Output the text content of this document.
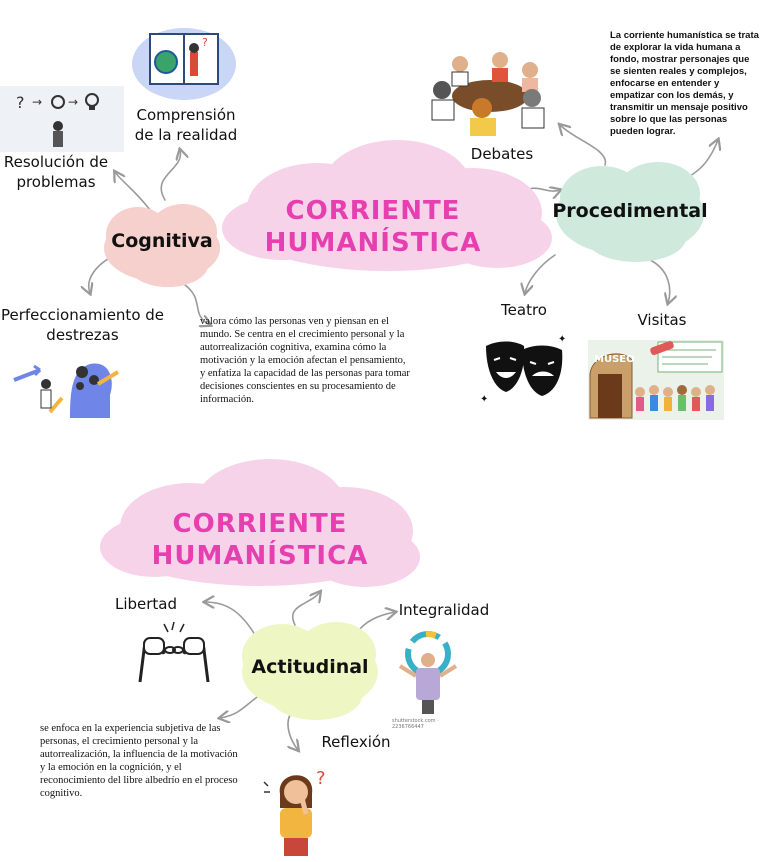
CORRIENTE
HUMANÍSTICA
Cognitiva
?
Comprensión de la realidad
? → →
Resolución de problemas
Perfeccionamiento de destrezas
valora cómo las personas ven y piensan en el mundo. Se centra en el crecimiento personal y la autorrealización cognitiva, examina cómo la motivación y la emoción afectan el pensamiento, y enfatiza la capacidad de las personas para tomar decisiones conscientes en su procesamiento de información.
Procedimental
Debates
La corriente humanística se trata de explorar la vida humana a fondo, mostrar personajes que se sienten reales y complejos, enfocarse en entender y empatizar con los demás, y transmitir un mensaje positivo sobre lo que las personas pueden lograr.
Teatro
✦
✦
Visitas
MUSEO
CORRIENTE
HUMANÍSTICA
Actitudinal
Libertad	Integralidad
shutterstock.com · 2236766447
Reflexión
?
se enfoca en la experiencia subjetiva de las personas, el crecimiento personal y la autorrealización, la influencia de la motivación y la emoción en la cognición, y el reconocimiento del libre albedrío en el proceso cognitivo.
